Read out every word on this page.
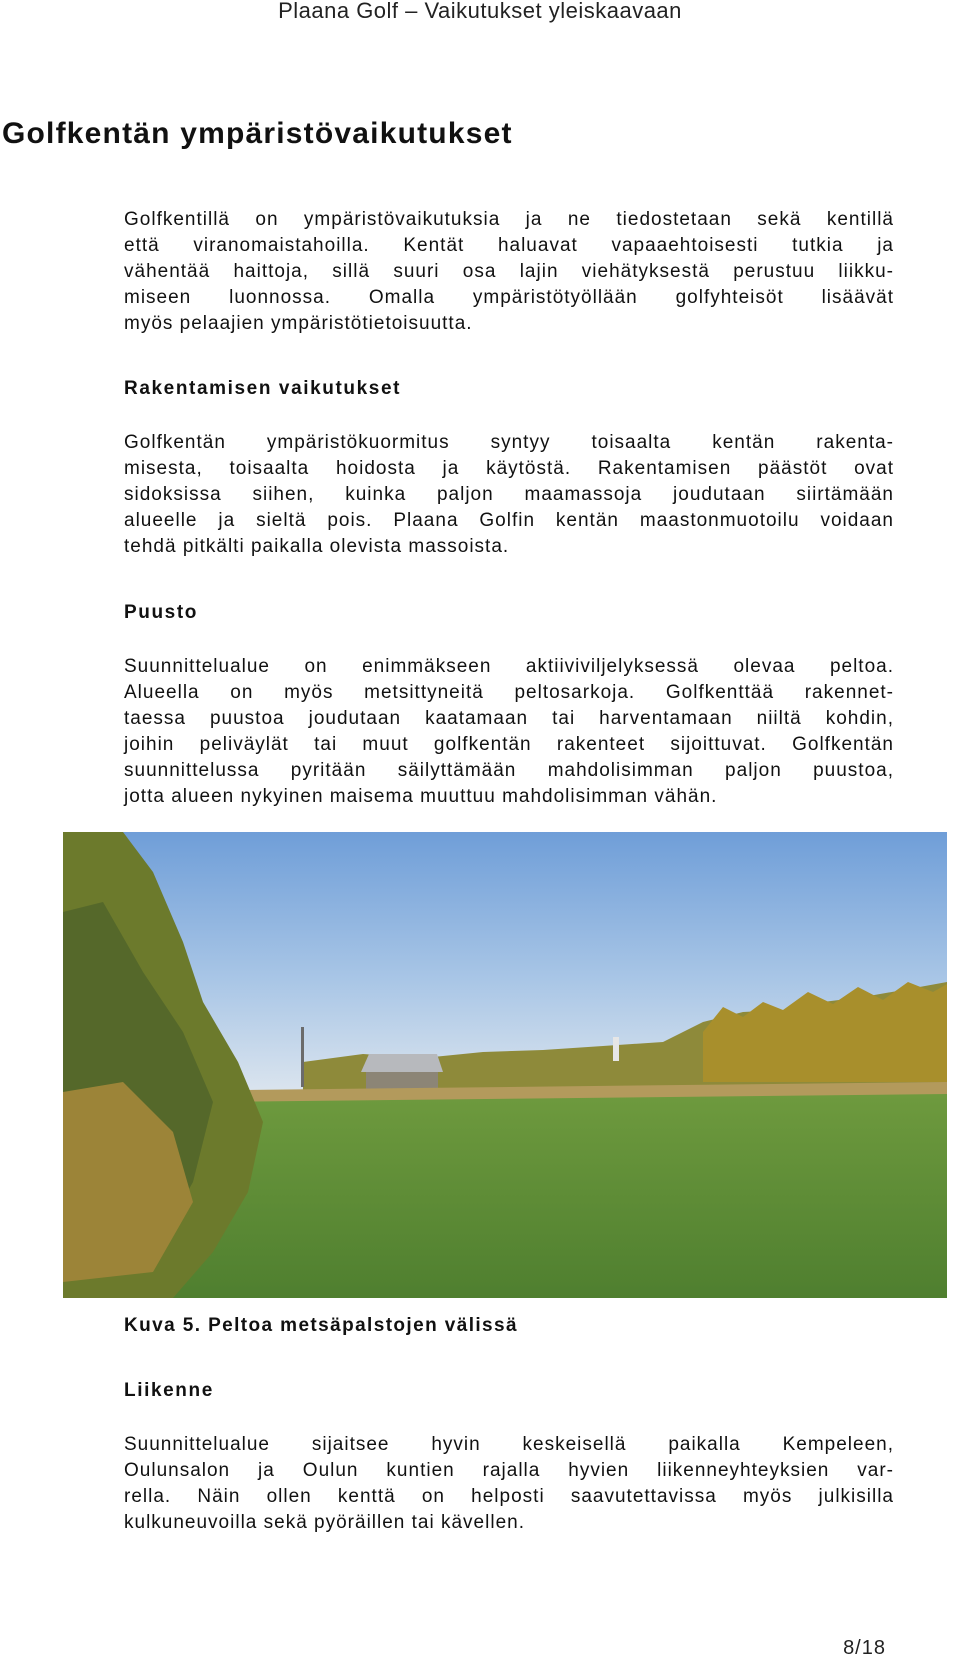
Plaana Golf – Vaikutukset yleiskaavaan
Golfkentän ympäristövaikutukset

Golfkentillä on ympäristövaikutuksia ja ne tiedostetaan sekä kentillä
että viranomaistahoilla. Kentät haluavat vapaaehtoisesti tutkia ja
vähentää haittoja, sillä suuri osa lajin viehätyksestä perustuu liikku-
miseen luonnossa. Omalla ympäristötyöllään golfyhteisöt lisäävät
myös pelaajien ympäristötietoisuutta.

Rakentamisen vaikutukset

Golfkentän ympäristökuormitus syntyy toisaalta kentän rakenta-
misesta, toisaalta hoidosta ja käytöstä. Rakentamisen päästöt ovat
sidoksissa siihen, kuinka paljon maamassoja joudutaan siirtämään
alueelle ja sieltä pois. Plaana Golfin kentän maastonmuotoilu voidaan
tehdä pitkälti paikalla olevista massoista.

Puusto

Suunnittelualue on enimmäkseen aktiiviviljelyksessä olevaa peltoa.
Alueella on myös metsittyneitä peltosarkoja. Golfkenttää rakennet-
taessa puustoa joudutaan kaatamaan tai harventamaan niiltä kohdin,
joihin peliväylät tai muut golfkentän rakenteet sijoittuvat. Golfkentän
suunnittelussa pyritään säilyttämään mahdolisimman paljon puustoa,
jotta alueen nykyinen maisema muuttuu mahdolisimman vähän.

Kuva 5. Peltoa metsäpalstojen välissä
Liikenne

Suunnittelualue sijaitsee hyvin keskeisellä paikalla Kempeleen,
Oulunsalon ja Oulun kuntien rajalla hyvien liikenneyhteyksien var-
rella. Näin ollen kenttä on helposti saavutettavissa myös julkisilla
kulkuneuvoilla sekä pyöräillen tai kävellen.

8/18
